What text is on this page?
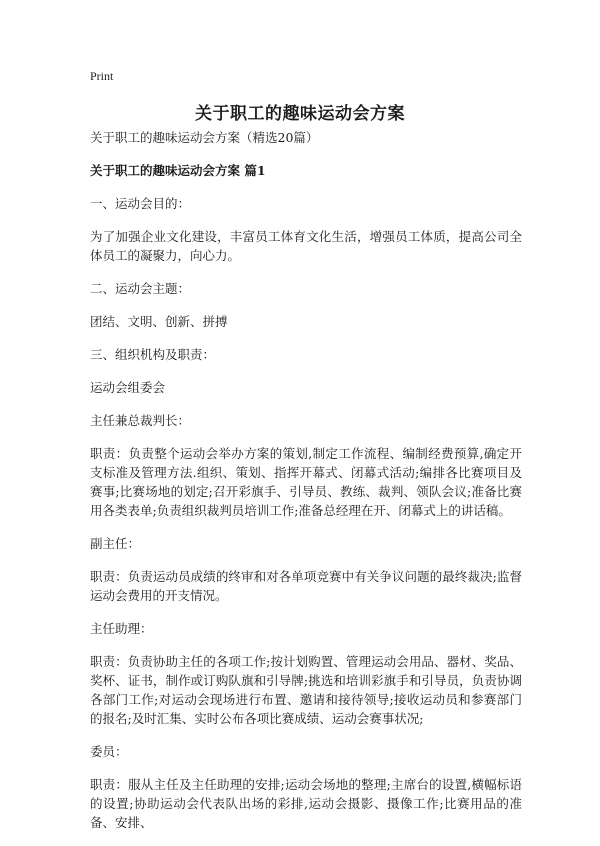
Print
关于职工的趣味运动会方案

关于职工的趣味运动会方案（精选20篇）

关于职工的趣味运动会方案 篇1

一、运动会目的：

为了加强企业文化建设，丰富员工体育文化生活，增强员工体质，提高公司全体员工的凝聚力，向心力。

二、运动会主题：

团结、文明、创新、拼搏

三、组织机构及职责：

运动会组委会

主任兼总裁判长：

职责：负责整个运动会举办方案的策划,制定工作流程、编制经费预算,确定开支标准及管理方法.组织、策划、指挥开幕式、闭幕式活动;编排各比赛项目及赛事;比赛场地的划定;召开彩旗手、引导员、教练、裁判、领队会议;准备比赛用各类表单;负责组织裁判员培训工作;准备总经理在开、闭幕式上的讲话稿。

副主任：

职责：负责运动员成绩的终审和对各单项竞赛中有关争议问题的最终裁决;监督运动会费用的开支情况。

主任助理：

职责：负责协助主任的各项工作;按计划购置、管理运动会用品、器材、奖品、奖杯、证书，制作或订购队旗和引导牌;挑选和培训彩旗手和引导员，负责协调各部门工作;对运动会现场进行布置、邀请和接待领导;接收运动员和参赛部门的报名;及时汇集、实时公布各项比赛成绩、运动会赛事状况;

委员：

职责：服从主任及主任助理的安排;运动会场地的整理;主席台的设置,横幅标语的设置;协助运动会代表队出场的彩排,运动会摄影、摄像工作;比赛用品的准备、安排、
